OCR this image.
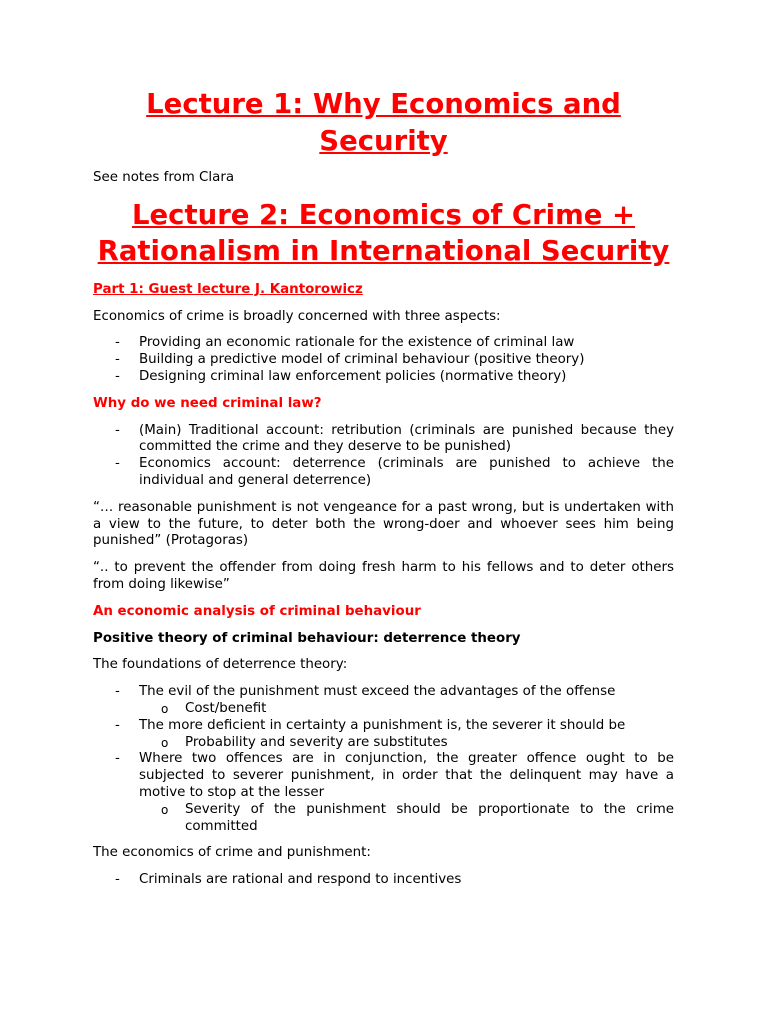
Lecture 1: Why Economics and Security

See notes from Clara

Lecture 2: Economics of Crime + Rationalism in International Security

Part 1: Guest lecture J. Kantorowicz

Economics of crime is broadly concerned with three aspects:

- Providing an economic rationale for the existence of criminal law
- Building a predictive model of criminal behaviour (positive theory)
- Designing criminal law enforcement policies (normative theory)

Why do we need criminal law?

- (Main) Traditional account: retribution (criminals are punished because they committed the crime and they deserve to be punished)
- Economics account: deterrence (criminals are punished to achieve the individual and general deterrence)

“… reasonable punishment is not vengeance for a past wrong, but is undertaken with a view to the future, to deter both the wrong-doer and whoever sees him being punished” (Protagoras)

“.. to prevent the offender from doing fresh harm to his fellows and to deter others from doing likewise”

An economic analysis of criminal behaviour

Positive theory of criminal behaviour: deterrence theory

The foundations of deterrence theory:

- The evil of the punishment must exceed the advantages of the offense
o Cost/benefit
- The more deficient in certainty a punishment is, the severer it should be
o Probability and severity are substitutes
- Where two offences are in conjunction, the greater offence ought to be subjected to severer punishment, in order that the delinquent may have a motive to stop at the lesser
o Severity of the punishment should be proportionate to the crime committed

The economics of crime and punishment:

- Criminals are rational and respond to incentives
